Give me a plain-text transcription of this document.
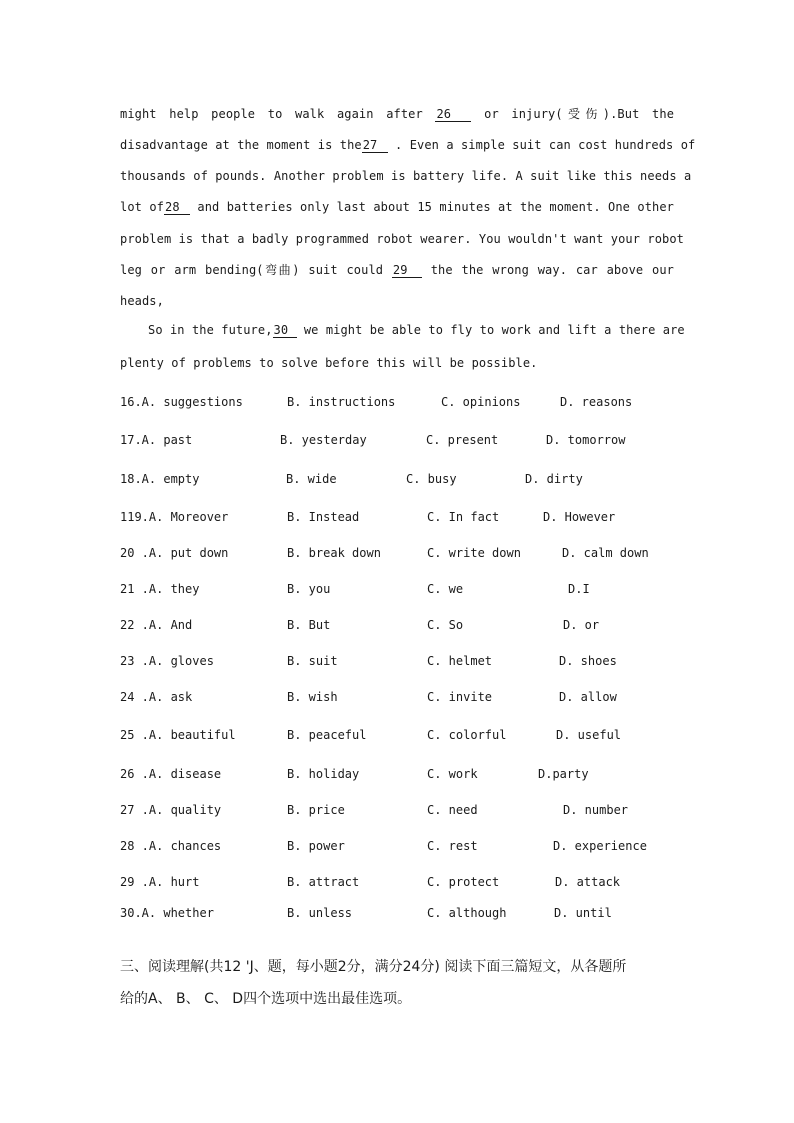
might help people to walk again after 26	or injury(受伤).But the
disadvantage at the moment is the27 . Even a simple suit can cost hundreds of
thousands of pounds. Another problem is battery life. A suit like this needs a
lot of28 and batteries only last about 15 minutes at the moment. One other
problem is that a badly programmed robot wearer. You wouldn't want your robot
leg or arm bending(弯曲) suit could 29 the the wrong way. car above our
heads,
So in the future,30 we might be able to fly to work and lift a there are
plenty of problems to solve before this will be possible.
16.A. suggestions	B. instructions	C. opinions	D. reasons
17.A. past	B. yesterday	C. present	D. tomorrow
18.A. empty	B. wide	C. busy	D. dirty
119.A. Moreover	B. Instead	C. In fact	D. However
20 .A. put down	B. break down	C. write down	D. calm down
21 .A. they	B. you	C. we	D.I
22 .A. And	B. But	C. So	D. or
23 .A. gloves	B. suit	C. helmet	D. shoes
24 .A. ask	B. wish	C. invite	D. allow
25 .A. beautiful	B. peaceful	C. colorful	D. useful
26 .A. disease	B. holiday	C. work	D.party
27 .A. quality	B. price	C. need	D. number
28 .A. chances	B. power	C. rest	D. experience
29 .A. hurt	B. attract	C. protect	D. attack
30.A. whether	B. unless	C. although	D. until
三、阅读理解(共12 'J、题，每小题2分，满分24分) 阅读下面三篇短文，从各题所
给的A、 B、 C、 D四个选项中选出最佳选项。
